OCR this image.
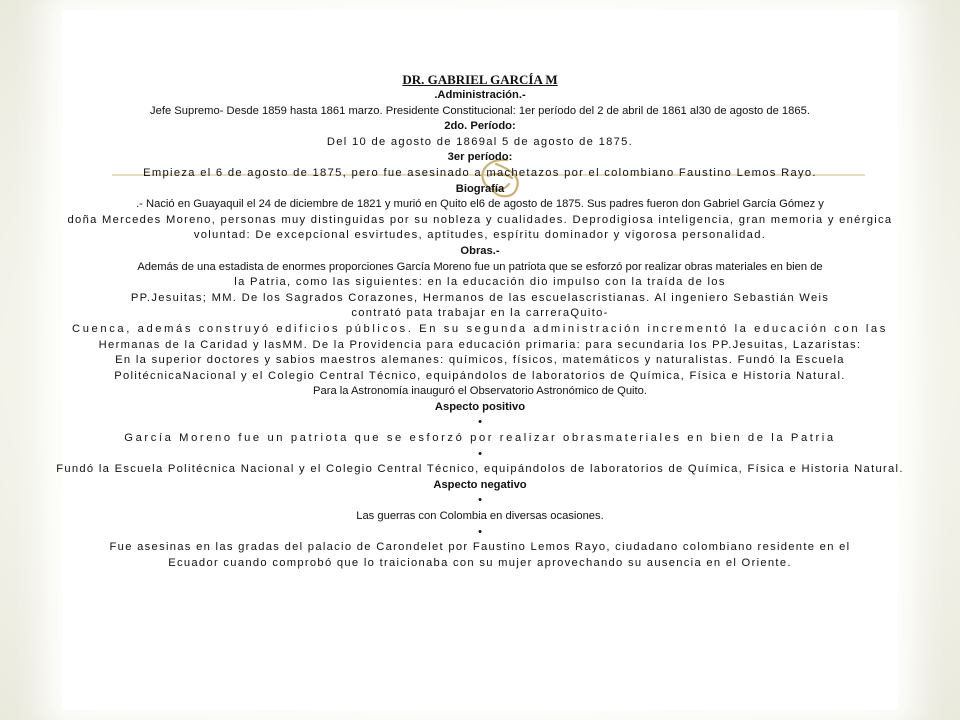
DR. GABRIEL GARCÍA M

.Administración.-

Jefe Supremo- Desde 1859 hasta 1861 marzo. Presidente Constitucional: 1er período del 2 de abril de 1861 al30 de agosto de 1865.

2do. Período:

Del 10 de agosto de 1869al 5 de agosto de 1875.

3er período:

Empieza el 6 de agosto de 1875, pero fue asesinado a machetazos por el colombiano Faustino Lemos Rayo.

Biografía

.- Nació en Guayaquil el 24 de diciembre de 1821 y murió en Quito el6 de agosto de 1875. Sus padres fueron don Gabriel García Gómez y

doña Mercedes Moreno, personas muy distinguidas por su nobleza y cualidades. Deprodigiosa inteligencia, gran memoria y enérgica

voluntad: De excepcional esvirtudes, aptitudes, espíritu dominador y vigorosa personalidad.

Obras.-

Además de una estadista de enormes proporciones García Moreno fue un patriota que se esforzó por realizar obras materiales en bien de

la Patria, como las siguientes: en la educación dio impulso con la traída de los

PP.Jesuitas; MM. De los Sagrados Corazones, Hermanos de las escuelascristianas. Al ingeniero Sebastián Weis

contrató pata trabajar en la carreraQuito-

Cuenca, además construyó edificios públicos. En su segunda administración incrementó la educación con las

Hermanas de la Caridad y lasMM. De la Providencia para educación primaria: para secundaria los PP.Jesuitas, Lazaristas:

En la superior doctores y sabios maestros alemanes: químicos, físicos, matemáticos y naturalistas. Fundó la Escuela

PolitécnicaNacional y el Colegio Central Técnico, equipándolos de laboratorios de Química, Física e Historia Natural.

Para la Astronomía inauguró el Observatorio Astronómico de Quito.

Aspecto positivo

•

García Moreno fue un patriota que se esforzó por realizar obrasmateriales en bien de la Patria

•

Fundó la Escuela Politécnica Nacional y el Colegio Central Técnico, equipándolos de laboratorios de Química, Física e Historia Natural.

Aspecto negativo

•

Las guerras con Colombia en diversas ocasiones.

•

Fue asesinas en las gradas del palacio de Carondelet por Faustino Lemos Rayo, ciudadano colombiano residente en el

Ecuador cuando comprobó que lo traicionaba con su mujer aprovechando su ausencia en el Oriente.
